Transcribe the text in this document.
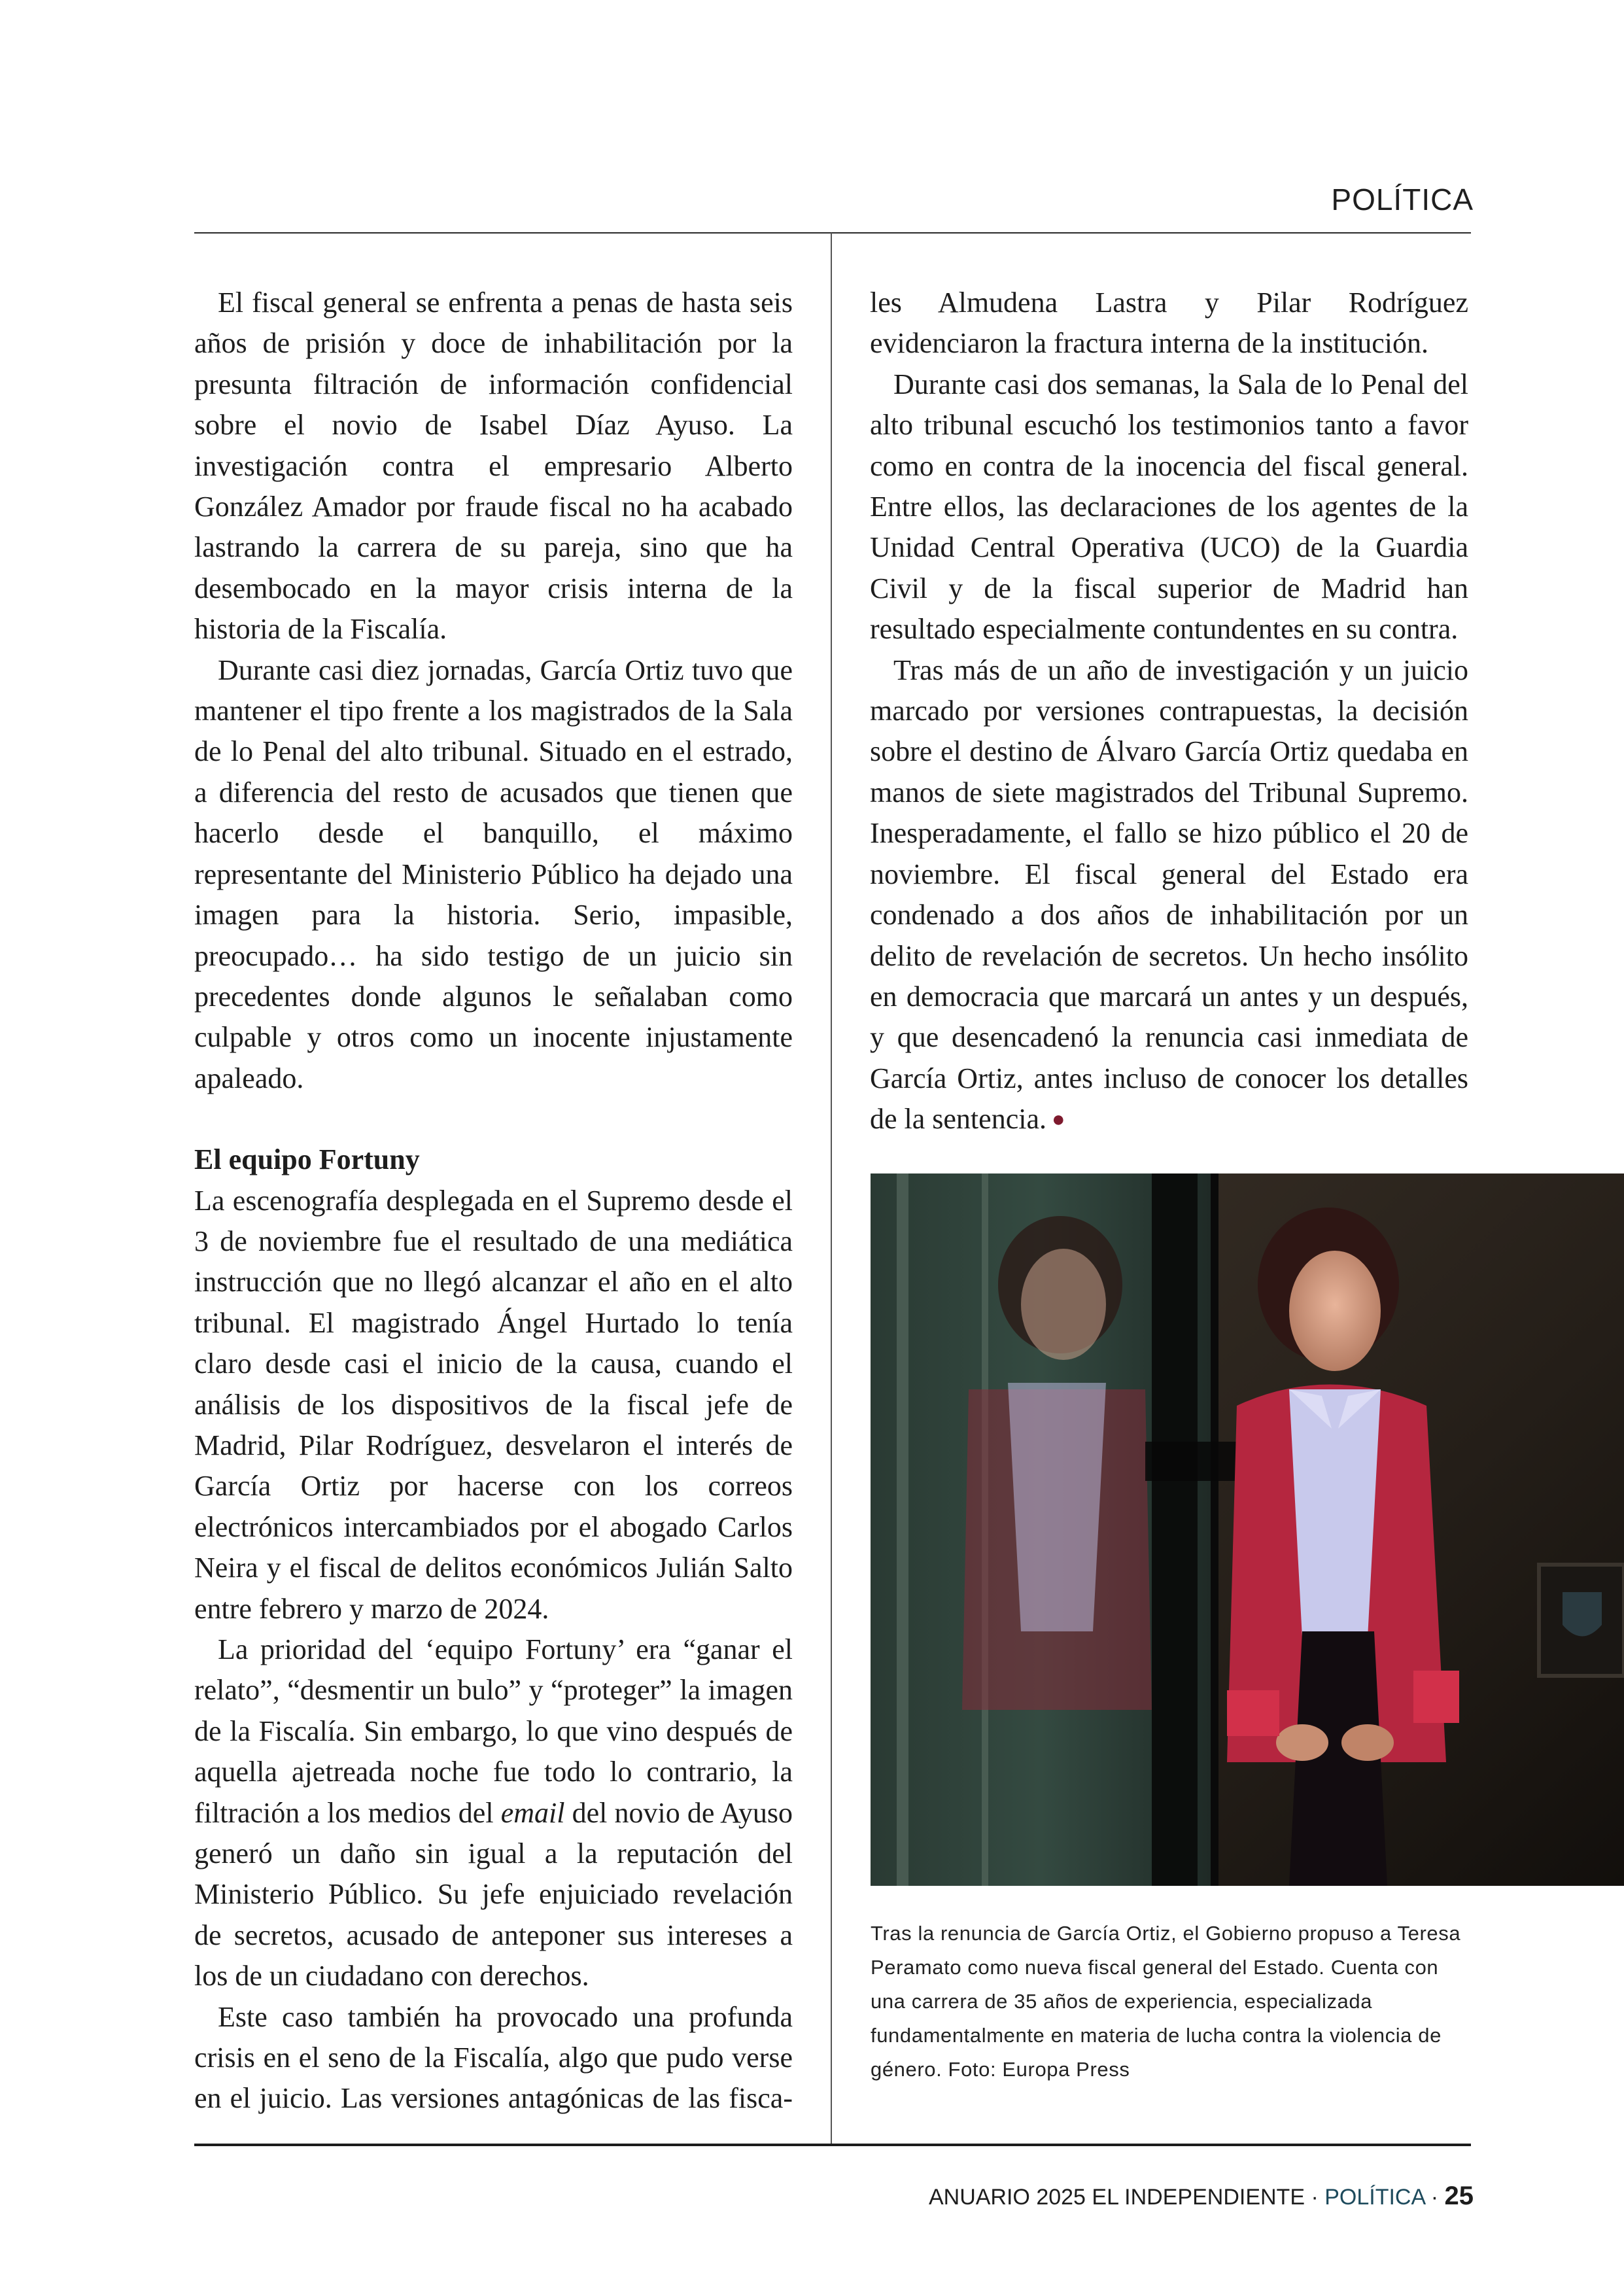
POLÍTICA

El fiscal general se enfrenta a penas de hasta seis años de prisión y doce de inhabilitación por la presunta filtración de información confidencial sobre el novio de Isabel Díaz Ayuso. La investigación contra el empresario Alberto González Amador por fraude fiscal no ha acabado lastrando la carrera de su pareja, sino que ha desembocado en la mayor crisis interna de la historia de la Fiscalía.

Durante casi diez jornadas, García Ortiz tuvo que mantener el tipo frente a los magistrados de la Sala de lo Penal del alto tribunal. Situado en el estrado, a diferencia del resto de acusados que tienen que hacerlo desde el banquillo, el máximo representante del Ministerio Público ha dejado una imagen para la historia. Serio, impasible, preocupado… ha sido testigo de un juicio sin precedentes donde algunos le señalaban como culpable y otros como un inocente injustamente apaleado.

El equipo Fortuny

La escenografía desplegada en el Supremo desde el 3 de noviembre fue el resultado de una mediática instrucción que no llegó alcanzar el año en el alto tribunal. El magistrado Ángel Hurtado lo tenía claro desde casi el inicio de la causa, cuando el análisis de los dispositivos de la fiscal jefe de Madrid, Pilar Rodríguez, desvelaron el interés de García Ortiz por hacerse con los correos electrónicos intercambiados por el abogado Carlos Neira y el fiscal de delitos económicos Julián Salto entre febrero y marzo de 2024.

La prioridad del ‘equipo Fortuny’ era “ganar el relato”, “desmentir un bulo” y “proteger” la imagen de la Fiscalía. Sin embargo, lo que vino después de aquella ajetreada noche fue todo lo contrario, la filtración a los medios del email del novio de Ayuso generó un daño sin igual a la reputación del Ministerio Público. Su jefe enjuiciado revelación de secretos, acusado de anteponer sus intereses a los de un ciudadano con derechos.

Este caso también ha provocado una profunda crisis en el seno de la Fiscalía, algo que pudo verse en el juicio. Las versiones antagónicas de las fisca-

les Almudena Lastra y Pilar Rodríguez evidenciaron la fractura interna de la institución.

Durante casi dos semanas, la Sala de lo Penal del alto tribunal escuchó los testimonios tanto a favor como en contra de la inocencia del fiscal general. Entre ellos, las declaraciones de los agentes de la Unidad Central Operativa (UCO) de la Guardia Civil y de la fiscal superior de Madrid han resultado especialmente contundentes en su contra.

Tras más de un año de investigación y un juicio marcado por versiones contrapuestas, la decisión sobre el destino de Álvaro García Ortiz quedaba en manos de siete magistrados del Tribunal Supremo. Inesperadamente, el fallo se hizo público el 20 de noviembre. El fiscal general del Estado era condenado a dos años de inhabilitación por un delito de revelación de secretos. Un hecho insólito en democracia que marcará un antes y un después, y que desencadenó la renuncia casi inmediata de García Ortiz, antes incluso de conocer los detalles de la sentencia. ●

Tras la renuncia de García Ortiz, el Gobierno propuso a Teresa Peramato como nueva fiscal general del Estado. Cuenta con una carrera de 35 años de experiencia, especializada fundamentalmente en materia de lucha contra la violencia de género. Foto: Europa Press
ANUARIO 2025 EL INDEPENDIENTE · POLÍTICA · 25
